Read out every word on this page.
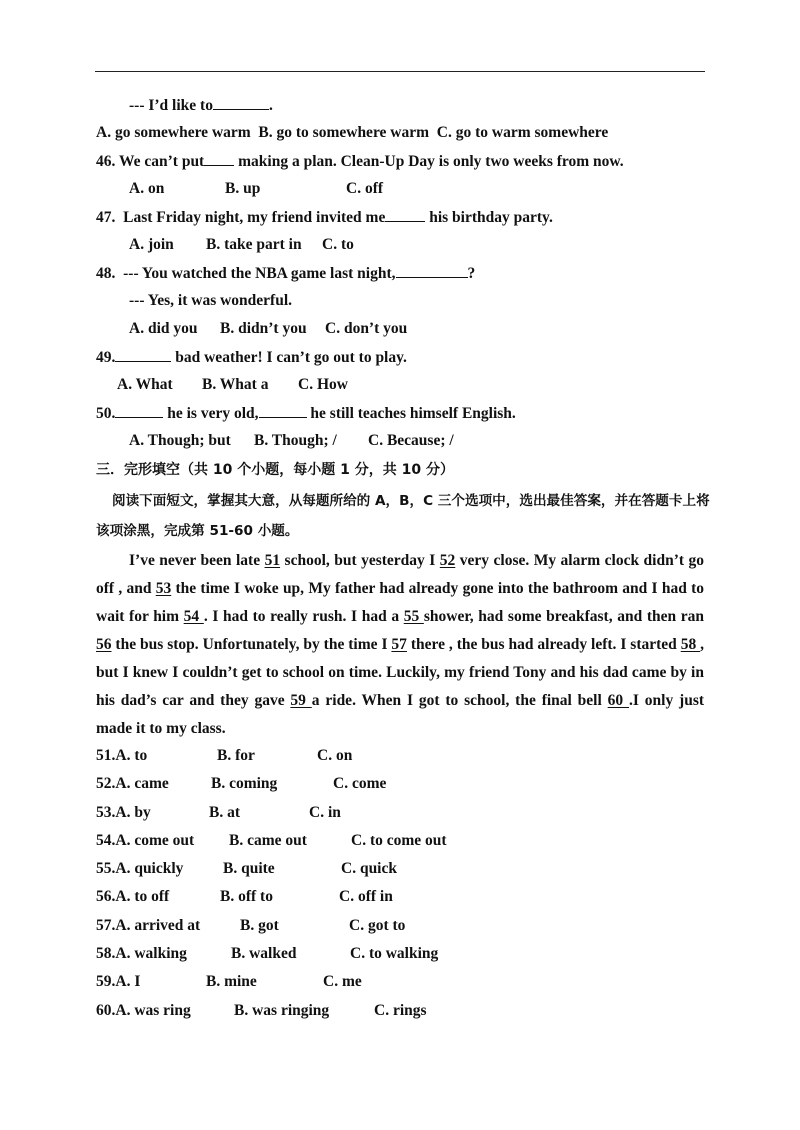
--- I’d like to	.
A. go somewhere warm  B. go to somewhere warm  C. go to warm somewhere
46. We can’t put making a plan. Clean-Up Day is only two weeks from now.
A. on	B. up	C. off
47.  Last Friday night, my friend invited me	his birthday party.
A. join B. take part in C. to
48.  --- You watched the NBA game last night,	?
--- Yes, it was wonderful.
A. did you B. didn’t you C. don’t you
49.	bad weather! I can’t go out to play.
A. What B. What a C. How
50.	he is very old,	he still teaches himself English.
A. Though; but B. Though; / C. Because; /
三．完形填空（共 10 个小题，每小题 1 分，共 10 分）
阅读下面短文，掌握其大意，从每题所给的 A，B，C 三个选项中，选出最佳答案，并在答题卡上将
该项涂黑，完成第 51-60 小题。
I’ve never been late 51 school, but yesterday I 52 very close. My alarm clock didn’t go off , and 53 the time I woke up, My father had already gone into the bathroom and I had to wait for him 54 . I had to really rush. I had a 55 shower, had some breakfast, and then ran 56 the bus stop. Unfortunately, by the time I 57 there , the bus had already left. I started 58 , but I knew I couldn’t get to school on time. Luckily, my friend Tony and his dad came by in his dad’s car and they gave 59 a ride. When I got to school, the final bell 60 .I only just made it to my class.
51.A. to	B. for	C. on
52.A. came	B. coming	C. come
53.A. by	B. at	C. in
54.A. come out B. came out	C. to come out
55.A. quickly	B. quite	C. quick
56.A. to off	B. off to	C. off in
57.A. arrived at	B. got	C. got to
58.A. walking	B. walked	C. to walking
59.A. I	B. mine	C. me
60.A. was ring	B. was ringing	C. rings
